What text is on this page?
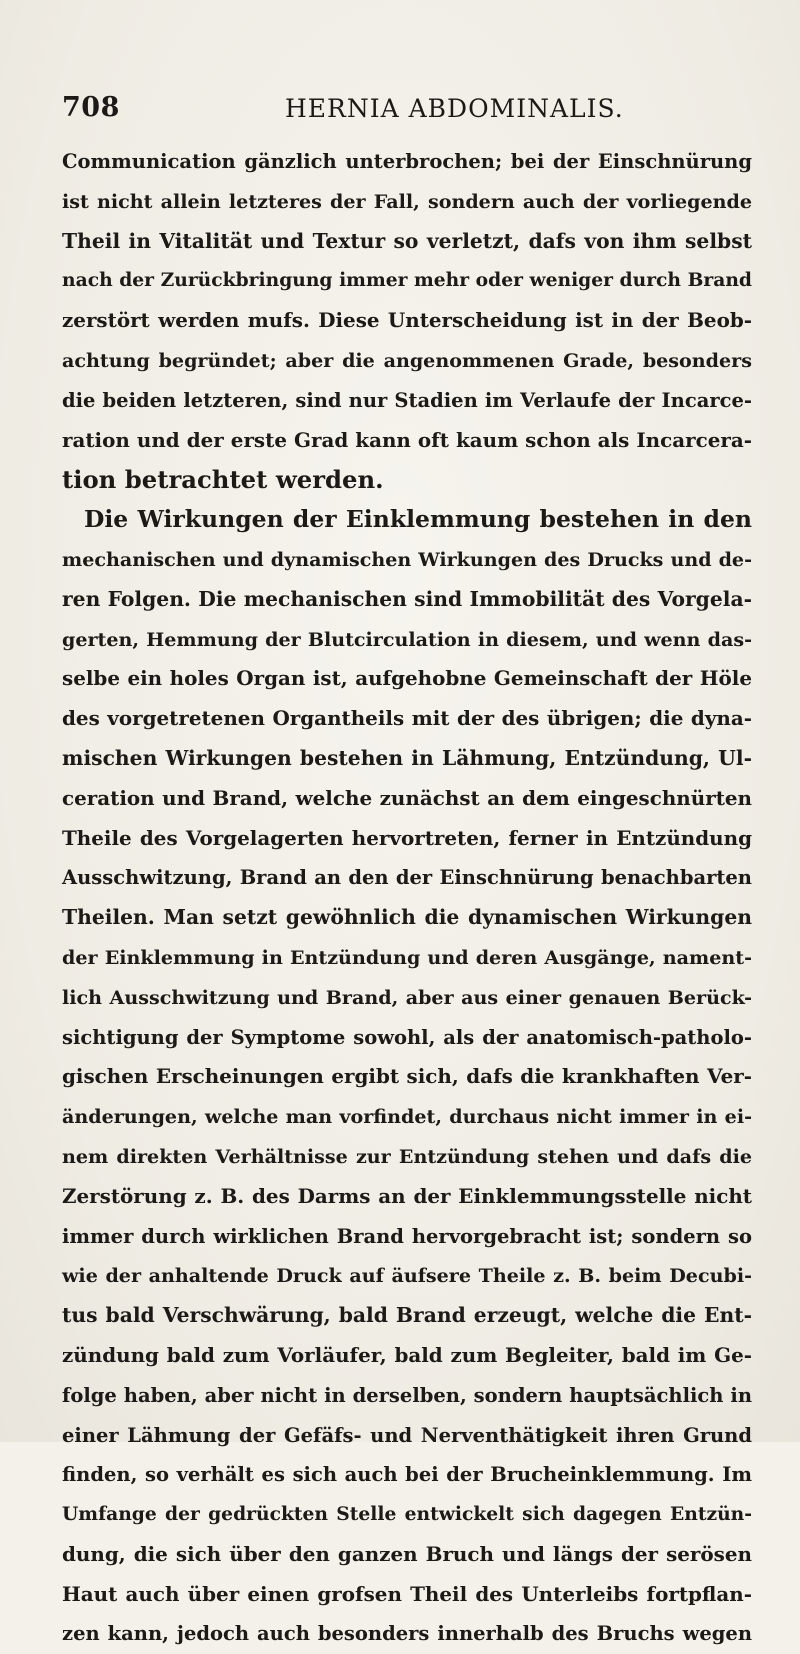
708	HERNIA ABDOMINALIS.
Communication gänzlich unterbrochen; bei der Einschnürung
ist nicht allein letzteres der Fall, sondern auch der vorliegende
Theil in Vitalität und Textur so verletzt, dafs von ihm selbst
nach der Zurückbringung immer mehr oder weniger durch Brand
zerstört werden mufs. Diese Unterscheidung ist in der Beob-
achtung begründet; aber die angenommenen Grade, besonders
die beiden letzteren, sind nur Stadien im Verlaufe der Incarce-
ration und der erste Grad kann oft kaum schon als Incarcera-
tion betrachtet werden.
Die Wirkungen der Einklemmung bestehen in den
mechanischen und dynamischen Wirkungen des Drucks und de-
ren Folgen. Die mechanischen sind Immobilität des Vorgela-
gerten, Hemmung der Blutcirculation in diesem, und wenn das-
selbe ein holes Organ ist, aufgehobne Gemeinschaft der Höle
des vorgetretenen Organtheils mit der des übrigen; die dyna-
mischen Wirkungen bestehen in Lähmung, Entzündung, Ul-
ceration und Brand, welche zunächst an dem eingeschnürten
Theile des Vorgelagerten hervortreten, ferner in Entzündung
Ausschwitzung, Brand an den der Einschnürung benachbarten
Theilen. Man setzt gewöhnlich die dynamischen Wirkungen
der Einklemmung in Entzündung und deren Ausgänge, nament-
lich Ausschwitzung und Brand, aber aus einer genauen Berück-
sichtigung der Symptome sowohl, als der anatomisch-patholo-
gischen Erscheinungen ergibt sich, dafs die krankhaften Ver-
änderungen, welche man vorfindet, durchaus nicht immer in ei-
nem direkten Verhältnisse zur Entzündung stehen und dafs die
Zerstörung z. B. des Darms an der Einklemmungsstelle nicht
immer durch wirklichen Brand hervorgebracht ist; sondern so
wie der anhaltende Druck auf äufsere Theile z. B. beim Decubi-
tus bald Verschwärung, bald Brand erzeugt, welche die Ent-
zündung bald zum Vorläufer, bald zum Begleiter, bald im Ge-
folge haben, aber nicht in derselben, sondern hauptsächlich in
einer Lähmung der Gefäfs- und Nerventhätigkeit ihren Grund
finden, so verhält es sich auch bei der Brucheinklemmung. Im
Umfange der gedrückten Stelle entwickelt sich dagegen Entzün-
dung, die sich über den ganzen Bruch und längs der serösen
Haut auch über einen grofsen Theil des Unterleibs fortpflan-
zen kann, jedoch auch besonders innerhalb des Bruchs wegen
